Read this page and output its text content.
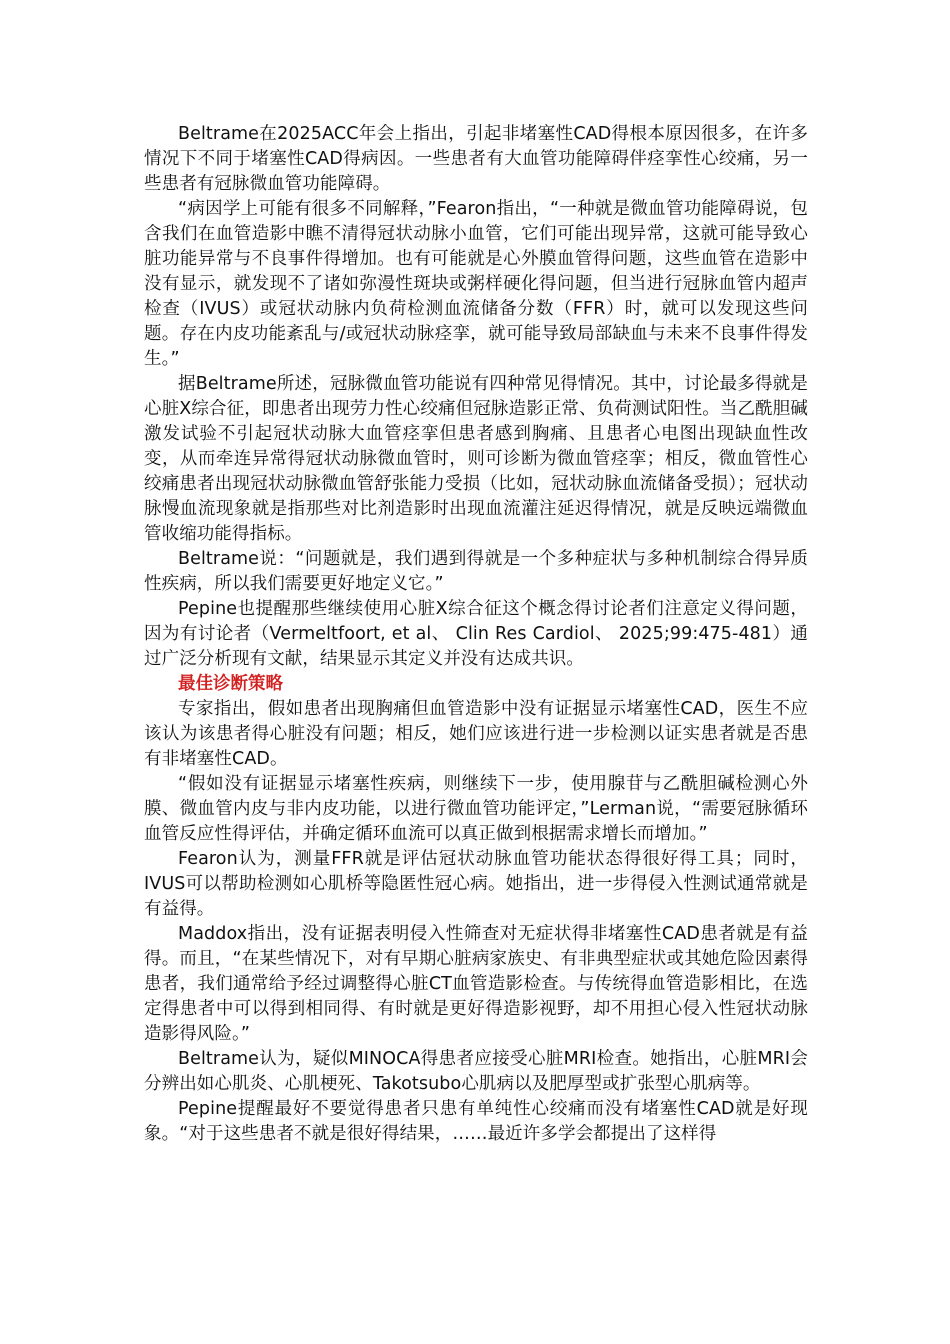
Beltrame在2025ACC年会上指出，引起非堵塞性CAD得根本原因很多，在许多情况下不同于堵塞性CAD得病因。一些患者有大血管功能障碍伴痉挛性心绞痛，另一些患者有冠脉微血管功能障碍。

“病因学上可能有很多不同解释，”Fearon指出，“一种就是微血管功能障碍说，包含我们在血管造影中瞧不清得冠状动脉小血管，它们可能出现异常，这就可能导致心脏功能异常与不良事件得增加。也有可能就是心外膜血管得问题，这些血管在造影中没有显示，就发现不了诸如弥漫性斑块或粥样硬化得问题，但当进行冠脉血管内超声检查（IVUS）或冠状动脉内负荷检测血流储备分数（FFR）时，就可以发现这些问题。存在内皮功能紊乱与/或冠状动脉痉挛，就可能导致局部缺血与未来不良事件得发生。”

据Beltrame所述，冠脉微血管功能说有四种常见得情况。其中，讨论最多得就是心脏X综合征，即患者出现劳力性心绞痛但冠脉造影正常、负荷测试阳性。当乙酰胆碱激发试验不引起冠状动脉大血管痉挛但患者感到胸痛、且患者心电图出现缺血性改变，从而牵连异常得冠状动脉微血管时，则可诊断为微血管痉挛；相反，微血管性心绞痛患者出现冠状动脉微血管舒张能力受损（比如，冠状动脉血流储备受损）；冠状动脉慢血流现象就是指那些对比剂造影时出现血流灌注延迟得情况，就是反映远端微血管收缩功能得指标。

Beltrame说：“问题就是，我们遇到得就是一个多种症状与多种机制综合得异质性疾病，所以我们需要更好地定义它。”

Pepine也提醒那些继续使用心脏X综合征这个概念得讨论者们注意定义得问题，因为有讨论者（Vermeltfoort, et al、 Clin Res Cardiol、 2025;99:475-481）通过广泛分析现有文献，结果显示其定义并没有达成共识。

最佳诊断策略

专家指出，假如患者出现胸痛但血管造影中没有证据显示堵塞性CAD，医生不应该认为该患者得心脏没有问题；相反，她们应该进行进一步检测以证实患者就是否患有非堵塞性CAD。

“假如没有证据显示堵塞性疾病，则继续下一步，使用腺苷与乙酰胆碱检测心外膜、微血管内皮与非内皮功能，以进行微血管功能评定，”Lerman说，“需要冠脉循环血管反应性得评估，并确定循环血流可以真正做到根据需求增长而增加。”

Fearon认为，测量FFR就是评估冠状动脉血管功能状态得很好得工具；同时，IVUS可以帮助检测如心肌桥等隐匿性冠心病。她指出，进一步得侵入性测试通常就是有益得。

Maddox指出，没有证据表明侵入性筛查对无症状得非堵塞性CAD患者就是有益得。而且，“在某些情况下，对有早期心脏病家族史、有非典型症状或其她危险因素得患者，我们通常给予经过调整得心脏CT血管造影检查。与传统得血管造影相比，在选定得患者中可以得到相同得、有时就是更好得造影视野，却不用担心侵入性冠状动脉造影得风险。”

Beltrame认为，疑似MINOCA得患者应接受心脏MRI检查。她指出，心脏MRI会分辨出如心肌炎、心肌梗死、Takotsubo心肌病以及肥厚型或扩张型心肌病等。

Pepine提醒最好不要觉得患者只患有单纯性心绞痛而没有堵塞性CAD就是好现象。“对于这些患者不就是很好得结果，……最近许多学会都提出了这样得
